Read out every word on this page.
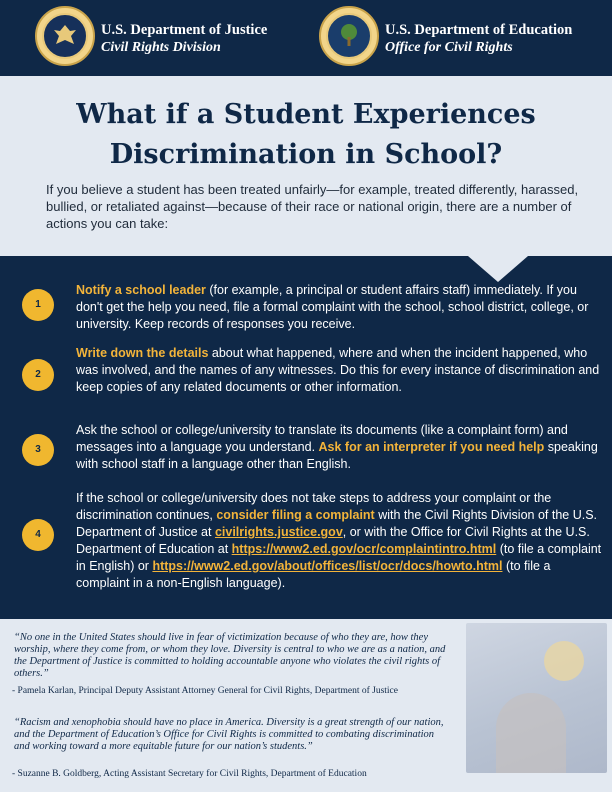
U.S. Department of Justice
Civil Rights Division
U.S. Department of Education
Office for Civil Rights
What if a Student Experiences
Discrimination in School?
If you believe a student has been treated unfairly—for example, treated differently, harassed, bullied, or retaliated against—because of their race or national origin, there are a number of actions you can take:
1
Notify a school leader (for example, a principal or student affairs staff) immediately. If you don't get the help you need, file a formal complaint with the school, school district, college, or university. Keep records of responses you receive.
2
Write down the details about what happened, where and when the incident happened, who was involved, and the names of any witnesses. Do this for every instance of discrimination and keep copies of any related documents or other information.
3
Ask the school or college/university to translate its documents (like a complaint form) and messages into a language you understand. Ask for an interpreter if you need help speaking with school staff in a language other than English.
4
If the school or college/university does not take steps to address your complaint or the discrimination continues, consider filing a complaint with the Civil Rights Division of the U.S. Department of Justice at civilrights.justice.gov, or with the Office for Civil Rights at the U.S. Department of Education at https://www2.ed.gov/ocr/complaintintro.html (to file a complaint in English) or https://www2.ed.gov/about/offices/list/ocr/docs/howto.html (to file a complaint in a non-English language).
“No one in the United States should live in fear of victimization because of who they are, how they worship, where they come from, or whom they love. Diversity is central to who we are as a nation, and the Department of Justice is committed to holding accountable anyone who violates the civil rights of others.”
- Pamela Karlan, Principal Deputy Assistant Attorney General for Civil Rights, Department of Justice
“Racism and xenophobia should have no place in America. Diversity is a great strength of our nation, and the Department of Education’s Office for Civil Rights is committed to combating discrimination and working toward a more equitable future for our nation’s students.”
- Suzanne B. Goldberg, Acting Assistant Secretary for Civil Rights, Department of Education
